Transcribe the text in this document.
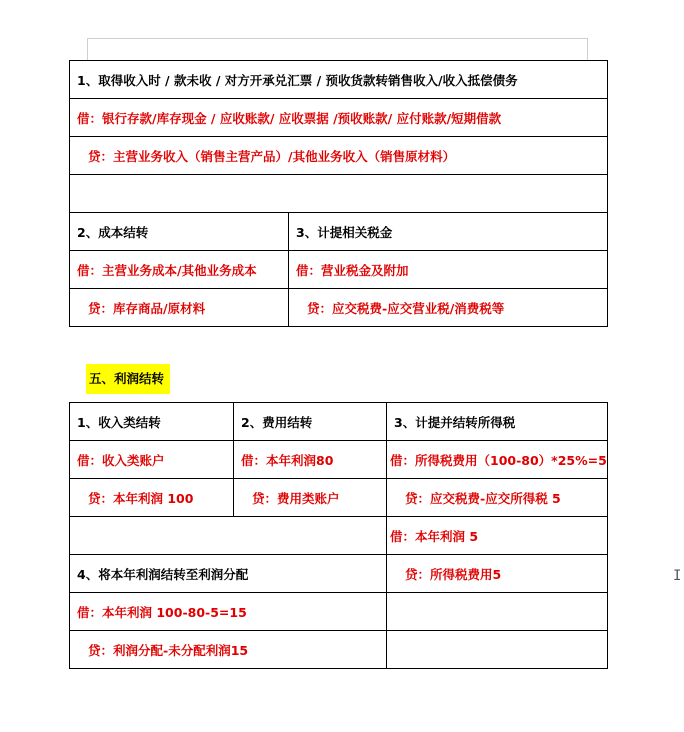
1、取得收入时 / 款未收 / 对方开承兑汇票 / 预收货款转销售收入/收入抵偿债务	
借：银行存款/库存现金 / 应收账款/ 应收票据 /预收账款/ 应付账款/短期借款	
贷：主营业务收入（销售主营产品）/其他业务收入（销售原材料）	

2、成本结转	3、计提相关税金
借：主营业务成本/其他业务成本	借：营业税金及附加
贷：库存商品/原材料	贷：应交税费-应交营业税/消费税等
五、利润结转
1、收入类结转	2、费用结转	3、计提并结转所得税
借：收入类账户	借：本年利润80	借：所得税费用（100-80）*25%=5
贷：本年利润 100	贷：费用类账户	贷：应交税费-应交所得税 5
		借：本年利润 5
4、将本年利润结转至利润分配		贷：所得税费用5
借：本年利润 100-80-5=15		
贷：利润分配-未分配利润15		
I
